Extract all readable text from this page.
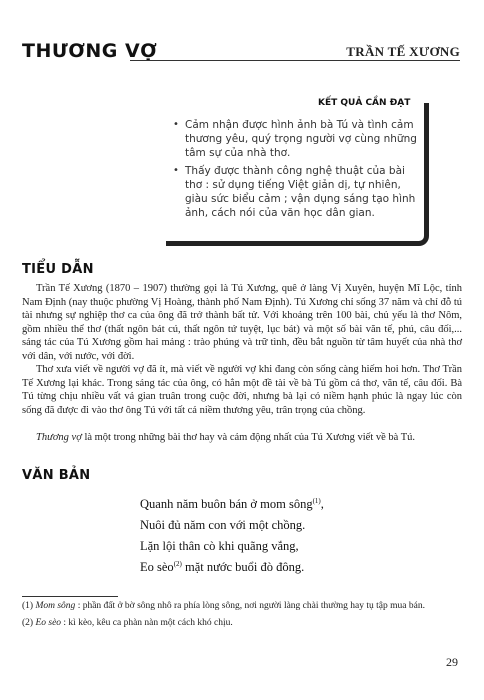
THƯƠNG VỢ	TRẦN TẾ XƯƠNG
KẾT QUẢ CẦN ĐẠT
• Cảm nhận được hình ảnh bà Tú và tình cảm thương yêu, quý trọng người vợ cùng những tâm sự của nhà thơ.
• Thấy được thành công nghệ thuật của bài thơ : sử dụng tiếng Việt giản dị, tự nhiên, giàu sức biểu cảm ; vận dụng sáng tạo hình ảnh, cách nói của văn học dân gian.
TIỂU DẪN

Trần Tế Xương (1870 – 1907) thường gọi là Tú Xương, quê ở làng Vị Xuyên, huyện Mĩ Lộc, tỉnh Nam Định (nay thuộc phường Vị Hoàng, thành phố Nam Định). Tú Xương chỉ sống 37 năm và chỉ đỗ tú tài nhưng sự nghiệp thơ ca của ông đã trở thành bất tử. Với khoảng trên 100 bài, chủ yếu là thơ Nôm, gồm nhiều thể thơ (thất ngôn bát cú, thất ngôn tứ tuyệt, lục bát) và một số bài văn tế, phú, câu đối,... sáng tác của Tú Xương gồm hai mảng : trào phúng và trữ tình, đều bắt nguồn từ tâm huyết của nhà thơ với dân, với nước, với đời.

Thơ xưa viết về người vợ đã ít, mà viết về người vợ khi đang còn sống càng hiếm hoi hơn. Thơ Trần Tế Xương lại khác. Trong sáng tác của ông, có hẳn một đề tài về bà Tú gồm cả thơ, văn tế, câu đối. Bà Tú từng chịu nhiều vất vả gian truân trong cuộc đời, nhưng bà lại có niềm hạnh phúc là ngay lúc còn sống đã được đi vào thơ ông Tú với tất cả niềm thương yêu, trân trọng của chồng.

Thương vợ là một trong những bài thơ hay và cảm động nhất của Tú Xương viết về bà Tú.

VĂN BẢN
Quanh năm buôn bán ở mom sông$^{(1)}$,
Nuôi đủ năm con với một chồng.
Lặn lội thân cò khi quãng vắng,
Eo sèo$^{(2)}$ mặt nước buổi đò đông.

(1) Mom sông : phần đất ở bờ sông nhô ra phía lòng sông, nơi người làng chài thường hay tụ tập mua bán.

(2) Eo sèo : kì kèo, kêu ca phàn nàn một cách khó chịu.

29
